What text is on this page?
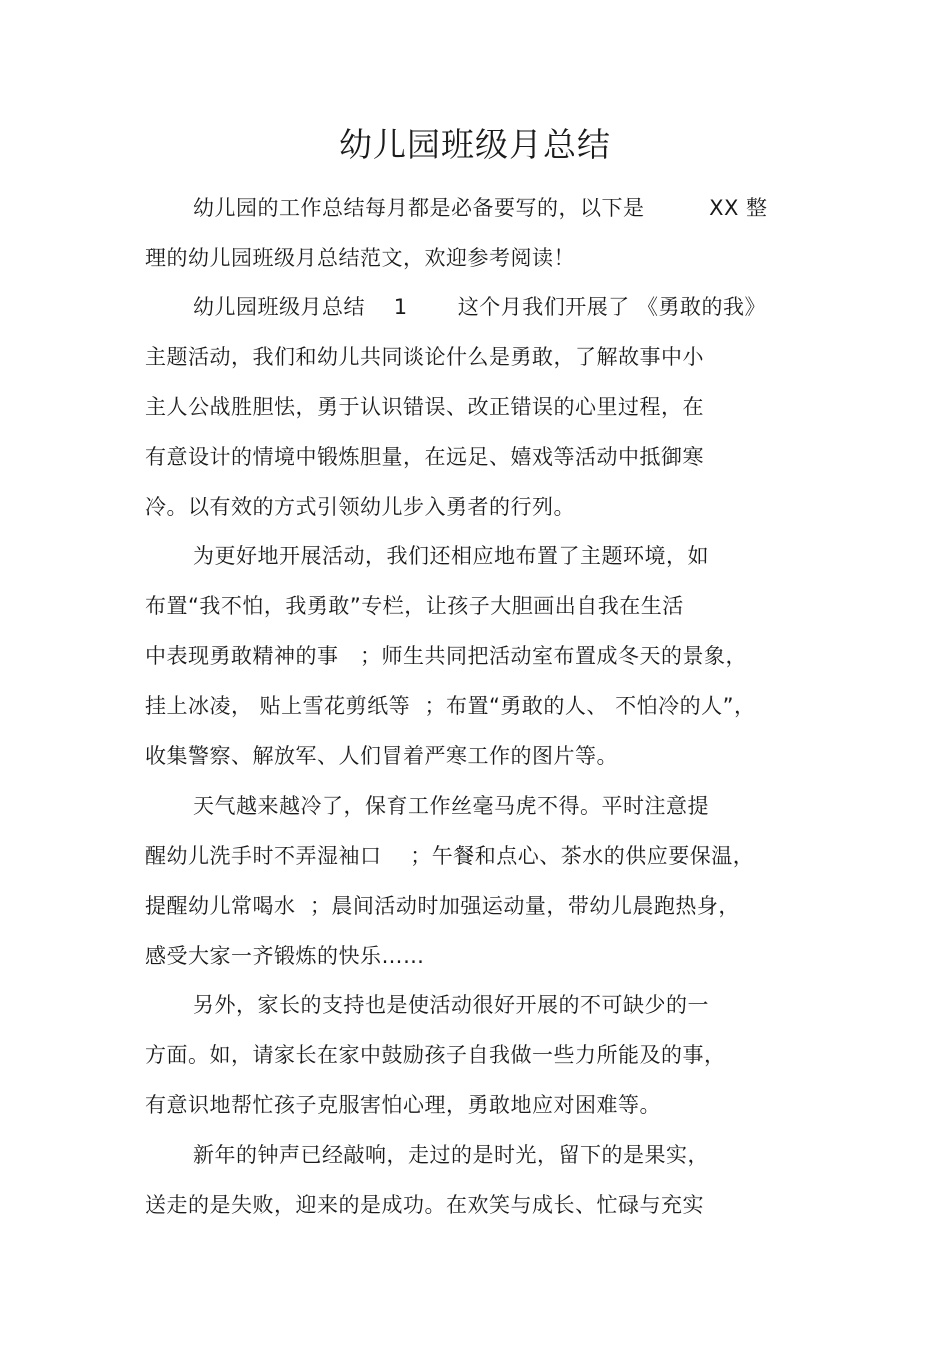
幼儿园班级月总结
幼儿园的工作总结每月都是必备要写的，以下是         XX 整
理的幼儿园班级月总结范文，欢迎参考阅读！
幼儿园班级月总结    1       这个月我们开展了 《勇敢的我》
主题活动，我们和幼儿共同谈论什么是勇敢，了解故事中小
主人公战胜胆怯，勇于认识错误、改正错误的心里过程，在
有意设计的情境中锻炼胆量，在远足、嬉戏等活动中抵御寒
冷。以有效的方式引领幼儿步入勇者的行列。
为更好地开展活动，我们还相应地布置了主题环境，如
布置“我不怕，我勇敢”专栏，让孩子大胆画出自我在生活
中表现勇敢精神的事   ；师生共同把活动室布置成冬天的景象，
挂上冰凌， 贴上雪花剪纸等  ；布置“勇敢的人、 不怕冷的人”，
收集警察、解放军、人们冒着严寒工作的图片等。
天气越来越冷了，保育工作丝毫马虎不得。平时注意提
醒幼儿洗手时不弄湿袖口    ；午餐和点心、茶水的供应要保温，
提醒幼儿常喝水  ；晨间活动时加强运动量，带幼儿晨跑热身，
感受大家一齐锻炼的快乐……
另外，家长的支持也是使活动很好开展的不可缺少的一
方面。如，请家长在家中鼓励孩子自我做一些力所能及的事，
有意识地帮忙孩子克服害怕心理，勇敢地应对困难等。
新年的钟声已经敲响，走过的是时光，留下的是果实，
送走的是失败，迎来的是成功。在欢笑与成长、忙碌与充实
